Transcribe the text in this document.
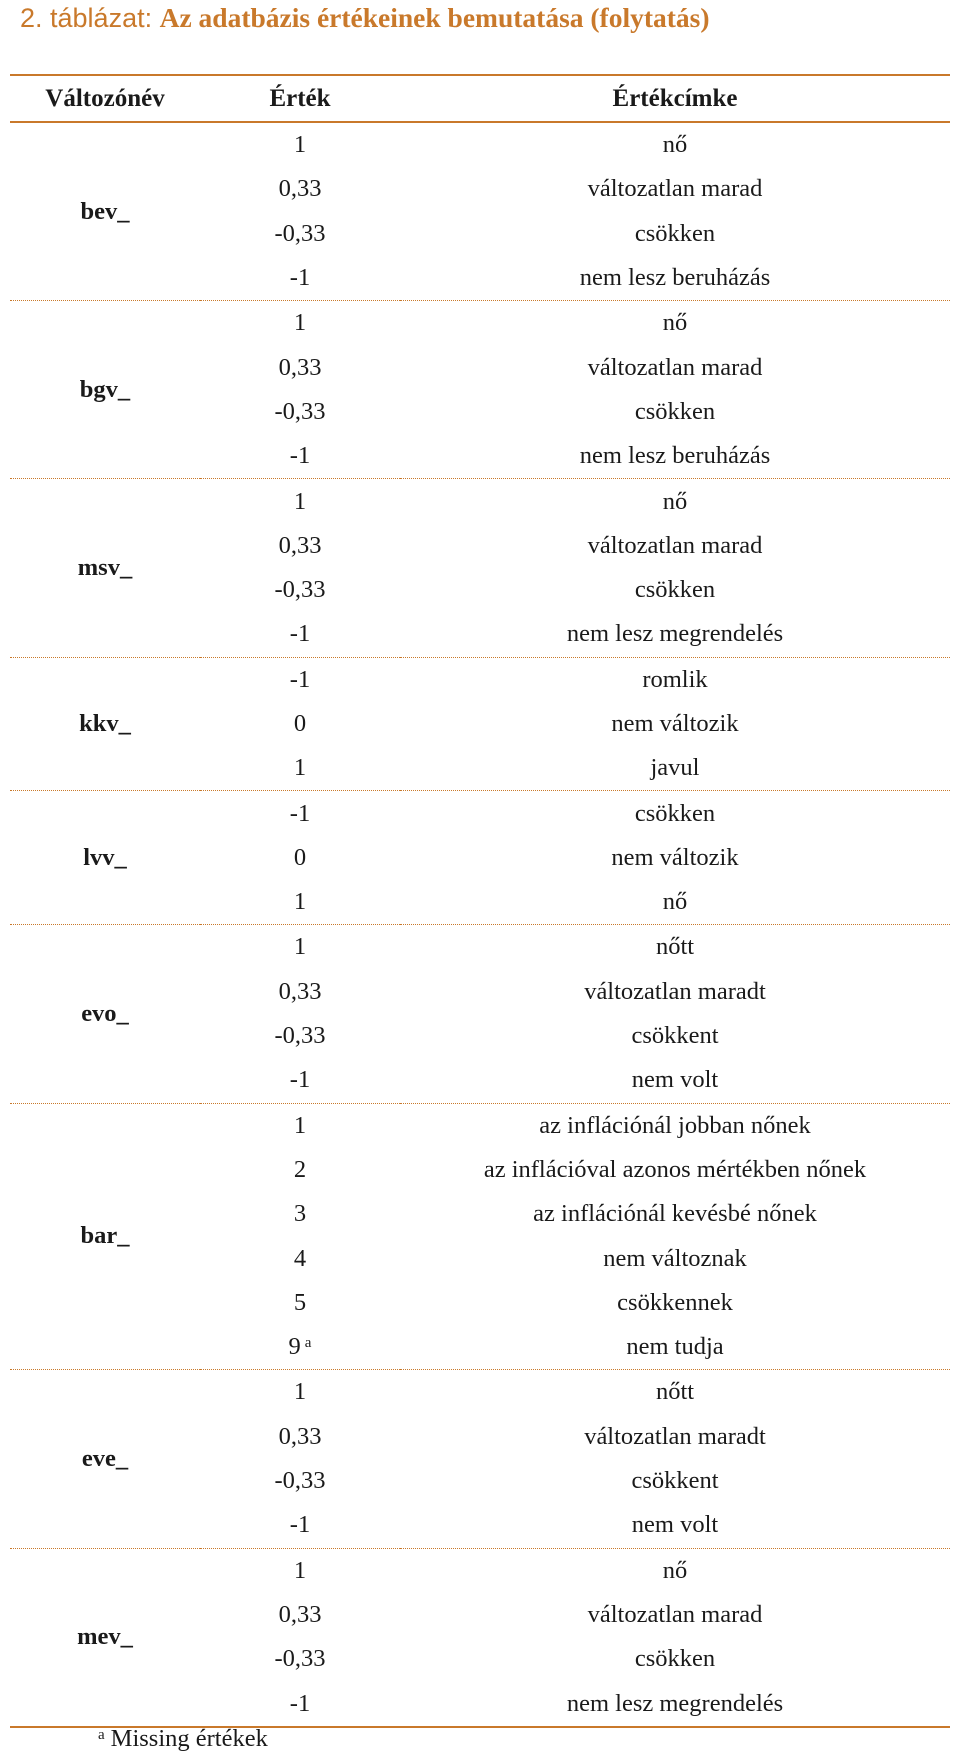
2. táblázat: Az adatbázis értékeinek bemutatása (folytatás)
Változónév	Érték	Értékcímke
bev_	1	nő
	0,33	változatlan marad
	-0,33	csökken
	-1	nem lesz beruházás
bgv_	1	nő
	0,33	változatlan marad
	-0,33	csökken
	-1	nem lesz beruházás
msv_	1	nő
	0,33	változatlan marad
	-0,33	csökken
	-1	nem lesz megrendelés
kkv_	-1	romlik
	0	nem változik
	1	javul
lvv_	-1	csökken
	0	nem változik
	1	nő
evo_	1	nőtt
	0,33	változatlan maradt
	-0,33	csökkent
	-1	nem volt
bar_	1	az inflációnál jobban nőnek
	2	az inflációval azonos mértékben nőnek
	3	az inflációnál kevésbé nőnek
	4	nem változnak
	5	csökkennek
	9 $^a$	nem tudja
eve_	1	nőtt
	0,33	változatlan maradt
	-0,33	csökkent
	-1	nem volt
mev_	1	nő
	0,33	változatlan marad
	-0,33	csökken
	-1	nem lesz megrendelés
$^a$ Missing értékek
